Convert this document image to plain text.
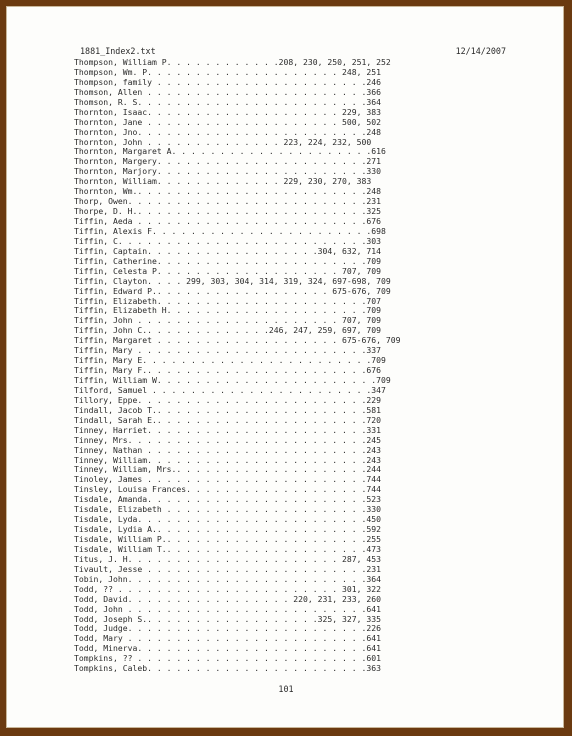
1881_Index2.txt	12/14/2007
Thompson, William P. . . . . . . . . . . .208, 230, 250, 251, 252
Thompson, Wm. P. . . . . . . . . . . . . . . . . . . . 248, 251
Thompson, family . . . . . . . . . . . . . . . . . . . . . .246
Thomson, Allen . . . . . . . . . . . . . . . . . . . . . . .366
Thomson, R. S. . . . . . . . . . . . . . . . . . . . . . . .364
Thornton, Isaac. . . . . . . . . . . . . . . . . . . . 229, 383
Thornton, Jane . . . . . . . . . . . . . . . . . . . . 500, 502
Thornton, Jno. . . . . . . . . . . . . . . . . . . . . . . .248
Thornton, John . . . . . . . . . . . . . . 223, 224, 232, 500
Thornton, Margaret A. . . . . . . . . . . . . . . . . . . . .616
Thornton, Margery. . . . . . . . . . . . . . . . . . . . . .271
Thornton, Marjory. . . . . . . . . . . . . . . . . . . . . .330
Thornton, William. . . . . . . . . . . . . 229, 230, 270, 383
Thornton, Wm.. . . . . . . . . . . . . . . . . . . . . . . .248
Thorp, Owen. . . . . . . . . . . . . . . . . . . . . . . . .231
Thorpe, D. H.. . . . . . . . . . . . . . . . . . . . . . . .325
Tiffin, Aeda . . . . . . . . . . . . . . . . . . . . . . . .676
Tiffin, Alexis F. . . . . . . . . . . . . . . . . . . . . . .698
Tiffin, C. . . . . . . . . . . . . . . . . . . . . . . . . .303
Tiffin, Captain. . . . . . . . . . . . . . . . . .304, 632, 714
Tiffin, Catherine. . . . . . . . . . . . . . . . . . . . . .709
Tiffin, Celesta P. . . . . . . . . . . . . . . . . . . 707, 709
Tiffin, Clayton. . . . 299, 303, 304, 314, 319, 324, 697-698, 709
Tiffin, Edward P.. . . . . . . . . . . . . . . . . . 675-676, 709
Tiffin, Elizabeth. . . . . . . . . . . . . . . . . . . . . .707
Tiffin, Elizabeth H. . . . . . . . . . . . . . . . . . . . .709
Tiffin, John . . . . . . . . . . . . . . . . . . . . . 707, 709
Tiffin, John C.. . . . . . . . . . . . .246, 247, 259, 697, 709
Tiffin, Margaret . . . . . . . . . . . . . . . . . . . 675-676, 709
Tiffin, Mary . . . . . . . . . . . . . . . . . . . . . . . .337
Tiffin, Mary E. . . . . . . . . . . . . . . . . . . . . . . .709
Tiffin, Mary F.. . . . . . . . . . . . . . . . . . . . . . .676
Tiffin, William W. . . . . . . . . . . . . . . . . . . . . . .709
Tilford, Samuel . . . . . . . . . . . . . . . . . . . . . . .347
Tillory, Eppe. . . . . . . . . . . . . . . . . . . . . . . .229
Tindall, Jacob T.. . . . . . . . . . . . . . . . . . . . . .581
Tindall, Sarah E.. . . . . . . . . . . . . . . . . . . . . .720
Tinney, Harriet. . . . . . . . . . . . . . . . . . . . . . .331
Tinney, Mrs. . . . . . . . . . . . . . . . . . . . . . . . .245
Tinney, Nathan . . . . . . . . . . . . . . . . . . . . . . .243
Tinney, William. . . . . . . . . . . . . . . . . . . . . . .243
Tinney, William, Mrs.. . . . . . . . . . . . . . . . . . . .244
Tinoley, James . . . . . . . . . . . . . . . . . . . . . . .744
Tinsley, Louisa Frances. . . . . . . . . . . . . . . . . . .744
Tisdale, Amanda. . . . . . . . . . . . . . . . . . . . . . .523
Tisdale, Elizabeth . . . . . . . . . . . . . . . . . . . . .330
Tisdale, Lyda. . . . . . . . . . . . . . . . . . . . . . . .450
Tisdale, Lydia A.. . . . . . . . . . . . . . . . . . . . . .592
Tisdale, William P.. . . . . . . . . . . . . . . . . . . . .255
Tisdale, William T.. . . . . . . . . . . . . . . . . . . . .473
Titus, J. H. . . . . . . . . . . . . . . . . . . . . . 287, 453
Tivault, Jesse . . . . . . . . . . . . . . . . . . . . . . .231
Tobin, John. . . . . . . . . . . . . . . . . . . . . . . . .364
Todd, ?? . . . . . . . . . . . . . . . . . . . . . . . 301, 322
Todd, David. . . . . . . . . . . . . . . . . 220, 231, 233, 260
Todd, John . . . . . . . . . . . . . . . . . . . . . . . . .641
Todd, Joseph S.. . . . . . . . . . . . . . . . . .325, 327, 335
Todd, Judge. . . . . . . . . . . . . . . . . . . . . . . . .226
Todd, Mary . . . . . . . . . . . . . . . . . . . . . . . . .641
Todd, Minerva. . . . . . . . . . . . . . . . . . . . . . . .641
Tompkins, ?? . . . . . . . . . . . . . . . . . . . . . . . .601
Tompkins, Caleb. . . . . . . . . . . . . . . . . . . . . . .363
101
